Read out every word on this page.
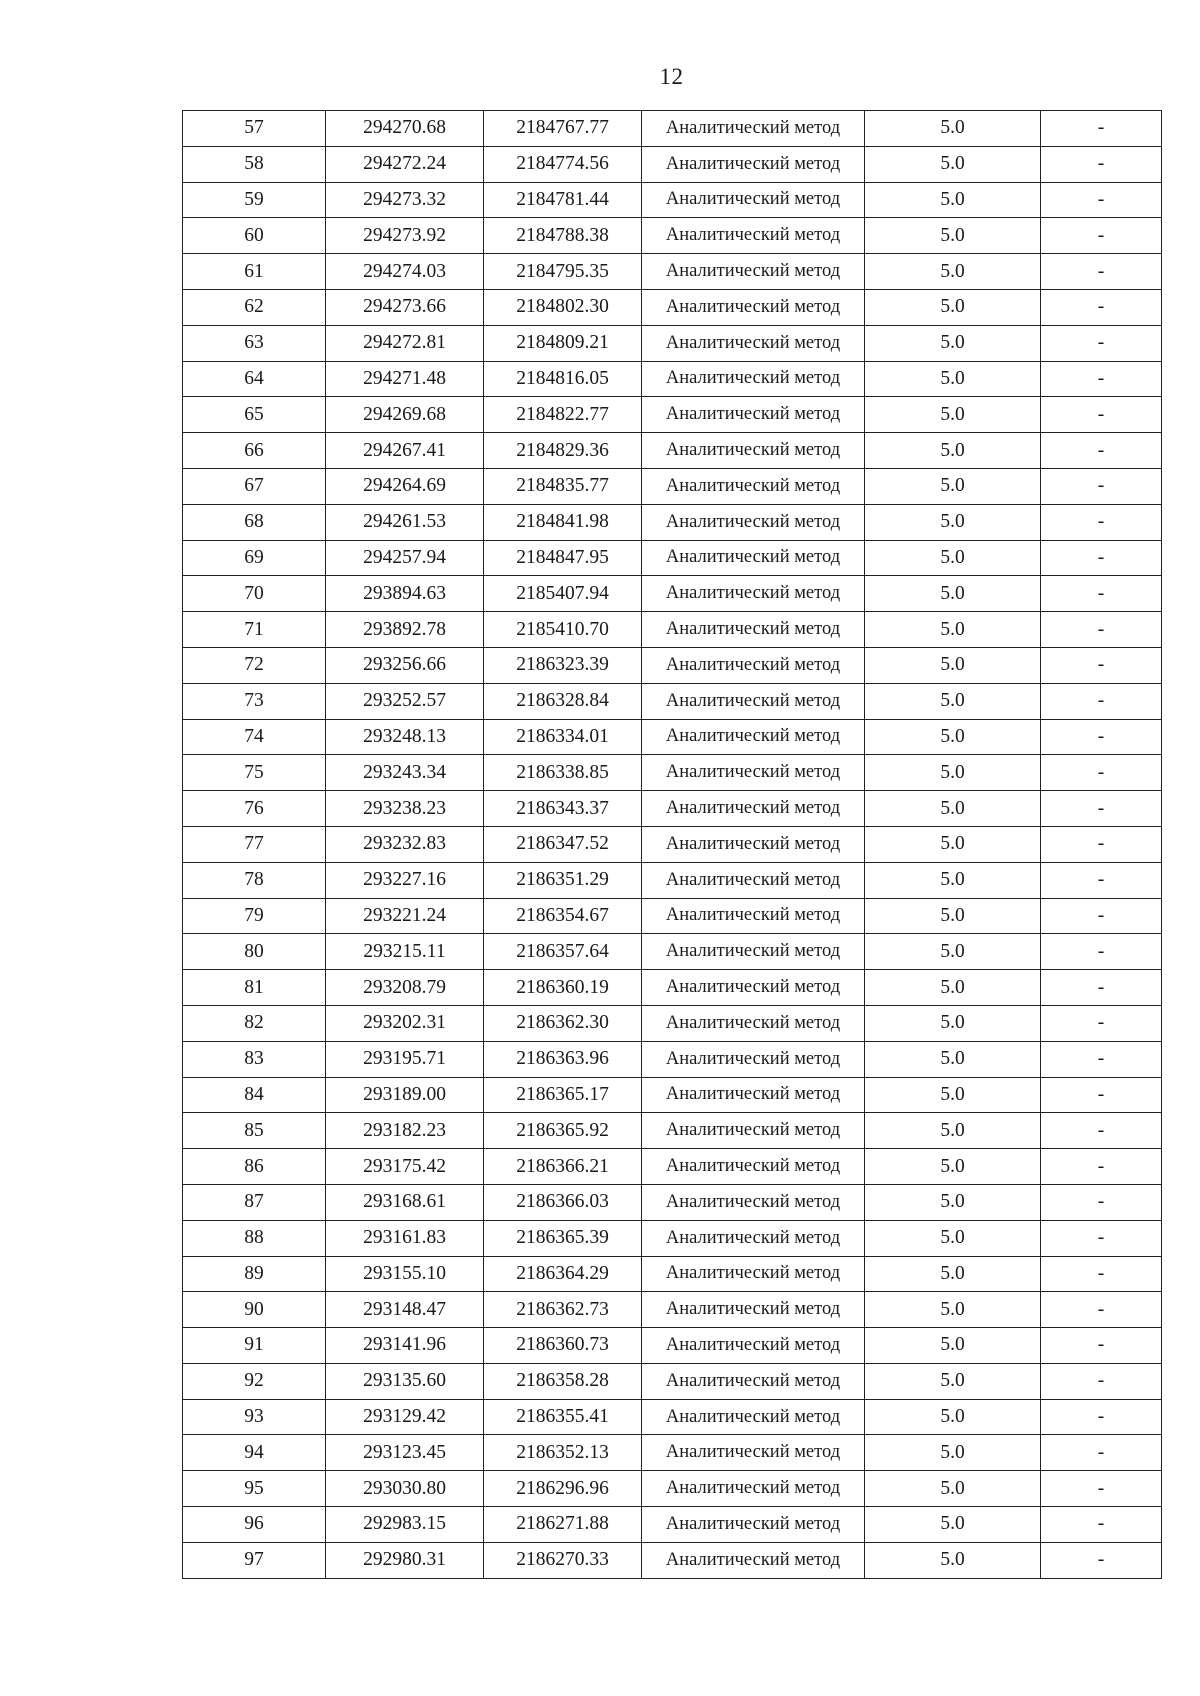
12
57	294270.68	2184767.77	Аналитический метод	5.0	-
58	294272.24	2184774.56	Аналитический метод	5.0	-
59	294273.32	2184781.44	Аналитический метод	5.0	-
60	294273.92	2184788.38	Аналитический метод	5.0	-
61	294274.03	2184795.35	Аналитический метод	5.0	-
62	294273.66	2184802.30	Аналитический метод	5.0	-
63	294272.81	2184809.21	Аналитический метод	5.0	-
64	294271.48	2184816.05	Аналитический метод	5.0	-
65	294269.68	2184822.77	Аналитический метод	5.0	-
66	294267.41	2184829.36	Аналитический метод	5.0	-
67	294264.69	2184835.77	Аналитический метод	5.0	-
68	294261.53	2184841.98	Аналитический метод	5.0	-
69	294257.94	2184847.95	Аналитический метод	5.0	-
70	293894.63	2185407.94	Аналитический метод	5.0	-
71	293892.78	2185410.70	Аналитический метод	5.0	-
72	293256.66	2186323.39	Аналитический метод	5.0	-
73	293252.57	2186328.84	Аналитический метод	5.0	-
74	293248.13	2186334.01	Аналитический метод	5.0	-
75	293243.34	2186338.85	Аналитический метод	5.0	-
76	293238.23	2186343.37	Аналитический метод	5.0	-
77	293232.83	2186347.52	Аналитический метод	5.0	-
78	293227.16	2186351.29	Аналитический метод	5.0	-
79	293221.24	2186354.67	Аналитический метод	5.0	-
80	293215.11	2186357.64	Аналитический метод	5.0	-
81	293208.79	2186360.19	Аналитический метод	5.0	-
82	293202.31	2186362.30	Аналитический метод	5.0	-
83	293195.71	2186363.96	Аналитический метод	5.0	-
84	293189.00	2186365.17	Аналитический метод	5.0	-
85	293182.23	2186365.92	Аналитический метод	5.0	-
86	293175.42	2186366.21	Аналитический метод	5.0	-
87	293168.61	2186366.03	Аналитический метод	5.0	-
88	293161.83	2186365.39	Аналитический метод	5.0	-
89	293155.10	2186364.29	Аналитический метод	5.0	-
90	293148.47	2186362.73	Аналитический метод	5.0	-
91	293141.96	2186360.73	Аналитический метод	5.0	-
92	293135.60	2186358.28	Аналитический метод	5.0	-
93	293129.42	2186355.41	Аналитический метод	5.0	-
94	293123.45	2186352.13	Аналитический метод	5.0	-
95	293030.80	2186296.96	Аналитический метод	5.0	-
96	292983.15	2186271.88	Аналитический метод	5.0	-
97	292980.31	2186270.33	Аналитический метод	5.0	-
